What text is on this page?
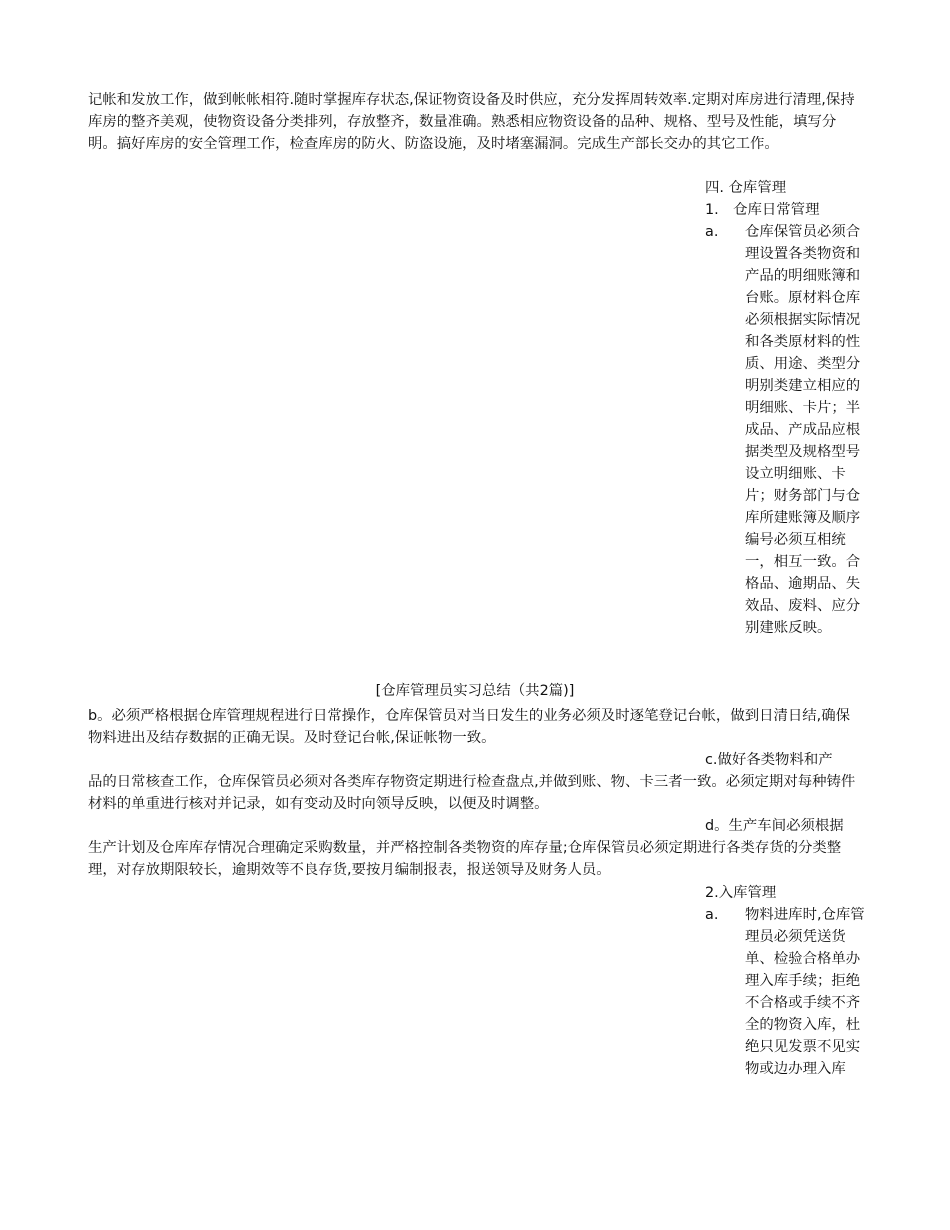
记帐和发放工作，做到帐帐相符.随时掌握库存状态,保证物资设备及时供应，充分发挥周转效率.定期对库房进行清理,保持库房的整齐美观，使物资设备分类排列，存放整齐，数量准确。熟悉相应物资设备的品种、规格、型号及性能，填写分明。搞好库房的安全管理工作，检查库房的防火、防盗设施，及时堵塞漏洞。完成生产部长交办的其它工作。

四. 仓库管理
1.　仓库日常管理
a. 仓库保管员必须合理设置各类物资和产品的明细账簿和台账。原材料仓库必须根据实际情况和各类原材料的性质、用途、类型分明别类建立相应的明细账、卡片；半成品、产成品应根据类型及规格型号设立明细账、卡片；财务部门与仓库所建账簿及顺序编号必须互相统一，相互一致。合格品、逾期品、失效品、废料、应分别建账反映。

[仓库管理员实习总结（共2篇)]

b。必须严格根据仓库管理规程进行日常操作，仓库保管员对当日发生的业务必须及时逐笔登记台帐，做到日清日结,确保物料进出及结存数据的正确无误。及时登记台帐,保证帐物一致。

c.做好各类物料和产

品的日常核查工作，仓库保管员必须对各类库存物资定期进行检查盘点,并做到账、物、卡三者一致。必须定期对每种铸件材料的单重进行核对并记录，如有变动及时向领导反映，以便及时调整。

d。生产车间必须根据

生产计划及仓库库存情况合理确定采购数量，并严格控制各类物资的库存量;仓库保管员必须定期进行各类存货的分类整理，对存放期限较长，逾期效等不良存货,要按月编制报表，报送领导及财务人员。

2.入库管理
a. 物料进库时,仓库管理员必须凭送货单、检验合格单办理入库手续；拒绝不合格或手续不齐全的物资入库，杜绝只见发票不见实物或边办理入库
